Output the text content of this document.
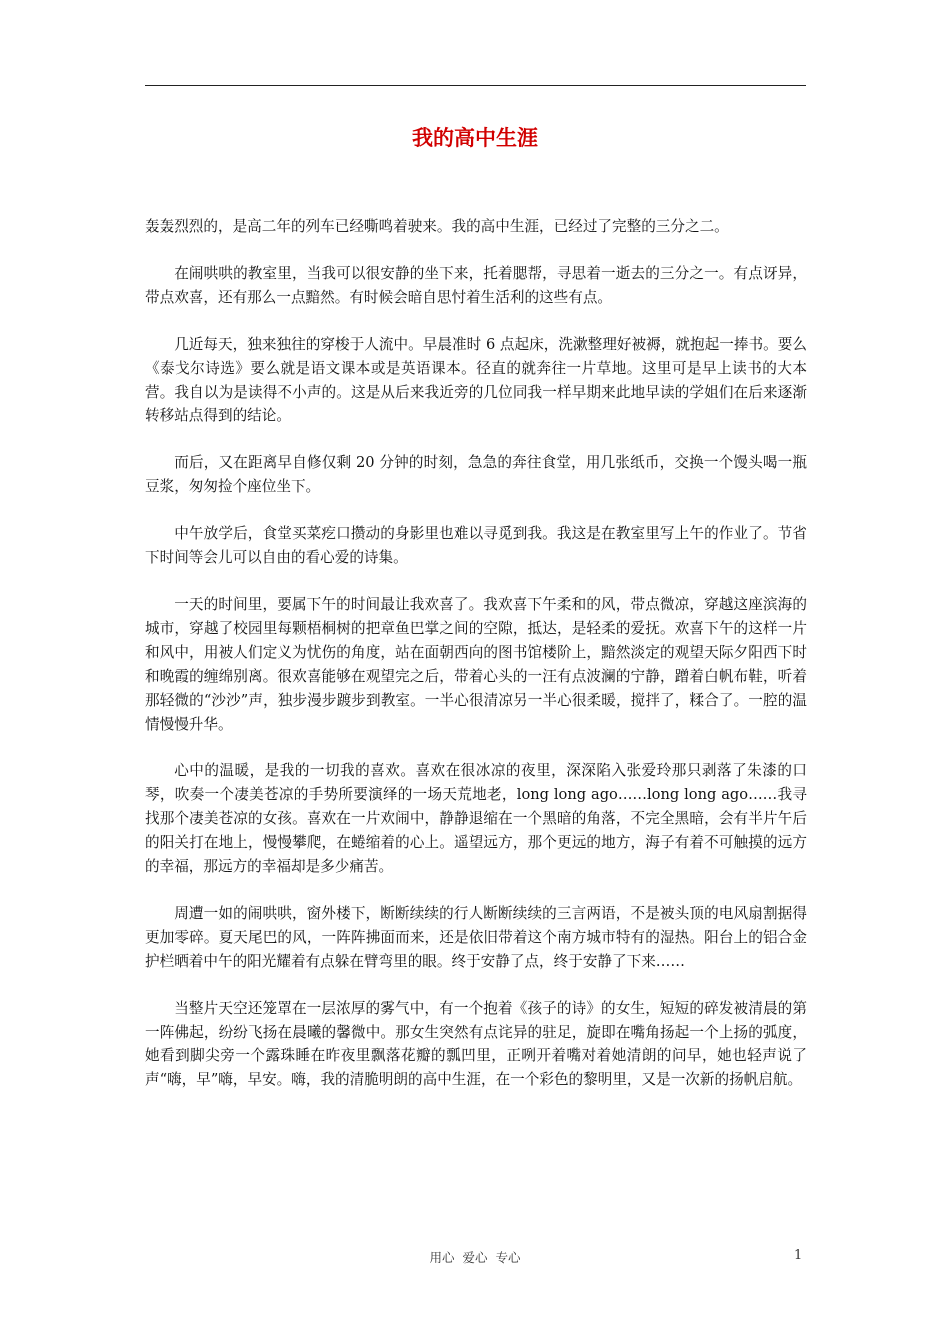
我的高中生涯

轰轰烈烈的，是高二年的列车已经嘶鸣着驶来。我的高中生涯，已经过了完整的三分之二。

在闹哄哄的教室里，当我可以很安静的坐下来，托着腮帮，寻思着一逝去的三分之一。有点讶异，带点欢喜，还有那么一点黯然。有时候会暗自思忖着生活利的这些有点。

几近每天，独来独往的穿梭于人流中。早晨准时 6 点起床，洗漱整理好被褥，就抱起一捧书。要么《泰戈尔诗选》要么就是语文课本或是英语课本。径直的就奔往一片草地。这里可是早上读书的大本营。我自以为是读得不小声的。这是从后来我近旁的几位同我一样早期来此地早读的学姐们在后来逐渐转移站点得到的结论。

而后，又在距离早自修仅剩 20 分钟的时刻，急急的奔往食堂，用几张纸币，交换一个馒头喝一瓶豆浆，匆匆捡个座位坐下。

中午放学后，食堂买菜疙口攒动的身影里也难以寻觅到我。我这是在教室里写上午的作业了。节省下时间等会儿可以自由的看心爱的诗集。

一天的时间里，要属下午的时间最让我欢喜了。我欢喜下午柔和的风，带点微凉，穿越这座滨海的城市，穿越了校园里每颗梧桐树的把章鱼巴掌之间的空隙，抵达，是轻柔的爱抚。欢喜下午的这样一片和风中，用被人们定义为忧伤的角度，站在面朝西向的图书馆楼阶上，黯然淡定的观望天际夕阳西下时和晚霞的缠绵别离。很欢喜能够在观望完之后，带着心头的一汪有点波澜的宁静，蹭着白帆布鞋，听着那轻微的“沙沙”声，独步漫步踱步到教室。一半心很清凉另一半心很柔暖，搅拌了，糅合了。一腔的温情慢慢升华。

心中的温暖，是我的一切我的喜欢。喜欢在很冰凉的夜里，深深陷入张爱玲那只剥落了朱漆的口琴，吹奏一个凄美苍凉的手势所要演绎的一场天荒地老，long long ago……long long ago……我寻找那个凄美苍凉的女孩。喜欢在一片欢闹中，静静退缩在一个黑暗的角落，不完全黑暗，会有半片午后的阳关打在地上，慢慢攀爬，在蜷缩着的心上。遥望远方，那个更远的地方，海子有着不可触摸的远方的幸福，那远方的幸福却是多少痛苦。

周遭一如的闹哄哄，窗外楼下，断断续续的行人断断续续的三言两语，不是被头顶的电风扇割据得更加零碎。夏天尾巴的风，一阵阵拂面而来，还是依旧带着这个南方城市特有的湿热。阳台上的铝合金护栏晒着中午的阳光耀着有点躲在臂弯里的眼。终于安静了点，终于安静了下来……

当整片天空还笼罩在一层浓厚的雾气中，有一个抱着《孩子的诗》的女生，短短的碎发被清晨的第一阵佛起，纷纷飞扬在晨曦的馨微中。那女生突然有点诧异的驻足，旋即在嘴角扬起一个上扬的弧度，她看到脚尖旁一个露珠睡在昨夜里飘落花瓣的瓢凹里，正咧开着嘴对着她清朗的问早，她也轻声说了声“嗨，早”嗨，早安。嗨，我的清脆明朗的高中生涯，在一个彩色的黎明里，又是一次新的扬帆启航。

用心  爱心  专心	1
